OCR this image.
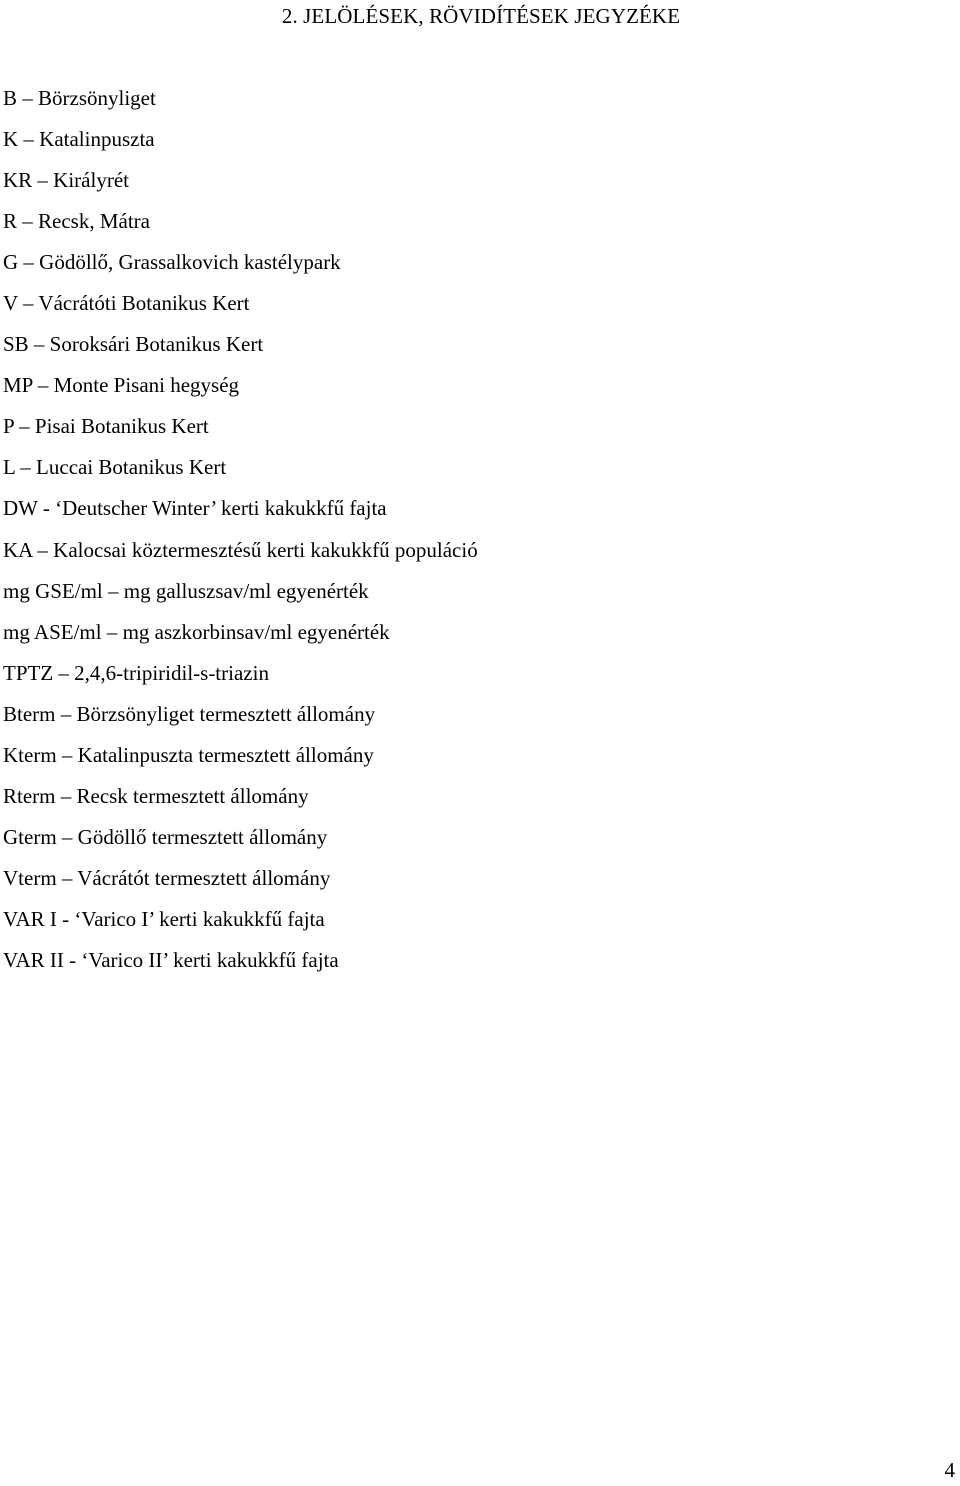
2. JELÖLÉSEK, RÖVIDÍTÉSEK JEGYZÉKE
B – Börzsönyliget
K – Katalinpuszta
KR – Királyrét
R – Recsk, Mátra
G – Gödöllő, Grassalkovich kastélypark
V – Vácrátóti Botanikus Kert
SB – Soroksári Botanikus Kert
MP – Monte Pisani hegység
P – Pisai Botanikus Kert
L – Luccai Botanikus Kert
DW - ‘Deutscher Winter’ kerti kakukkfű fajta
KA – Kalocsai köztermesztésű kerti kakukkfű populáció
mg GSE/ml – mg galluszsav/ml egyenérték
mg ASE/ml – mg aszkorbinsav/ml egyenérték
TPTZ – 2,4,6-tripiridil-s-triazin
Bterm – Börzsönyliget termesztett állomány
Kterm – Katalinpuszta termesztett állomány
Rterm – Recsk termesztett állomány
Gterm – Gödöllő termesztett állomány
Vterm – Vácrátót termesztett állomány
VAR I - ‘Varico I’ kerti kakukkfű fajta
VAR II - ‘Varico II’ kerti kakukkfű fajta
4
